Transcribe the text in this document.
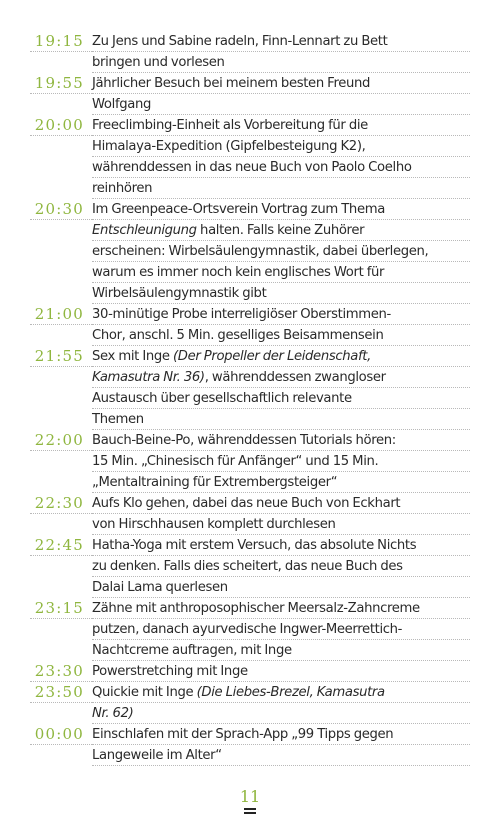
19:15 Zu Jens und Sabine radeln, Finn-Lennart zu Bett
bringen und vorlesen
19:55 Jährlicher Besuch bei meinem besten Freund
Wolfgang
20:00 Freeclimbing-Einheit als Vorbereitung für die
Himalaya-Expedition (Gipfelbesteigung K2),
währenddessen in das neue Buch von Paolo Coelho
reinhören
20:30 Im Greenpeace-Ortsverein Vortrag zum Thema
Entschleunigung halten. Falls keine Zuhörer
erscheinen: Wirbelsäulengymnastik, dabei überlegen,
warum es immer noch kein englisches Wort für
Wirbelsäulengymnastik gibt
21:00 30-minütige Probe interreligiöser Oberstimmen-
Chor, anschl. 5 Min. geselliges Beisammensein
21:55 Sex mit Inge (Der Propeller der Leidenschaft,
Kamasutra Nr. 36), währenddessen zwangloser
Austausch über gesellschaftlich relevante
Themen
22:00 Bauch-Beine-Po, währenddessen Tutorials hören:
15 Min. „Chinesisch für Anfänger“ und 15 Min.
„Mentaltraining für Extrembergsteiger“
22:30 Aufs Klo gehen, dabei das neue Buch von Eckhart
von Hirschhausen komplett durchlesen
22:45 Hatha-Yoga mit erstem Versuch, das absolute Nichts
zu denken. Falls dies scheitert, das neue Buch des
Dalai Lama querlesen
23:15 Zähne mit anthroposophischer Meersalz-Zahncreme
putzen, danach ayurvedische Ingwer-Meerrettich-
Nachtcreme auftragen, mit Inge
23:30 Powerstretching mit Inge
23:50 Quickie mit Inge (Die Liebes-Brezel, Kamasutra
Nr. 62)
00:00 Einschlafen mit der Sprach-App „99 Tipps gegen
Langeweile im Alter“
11
